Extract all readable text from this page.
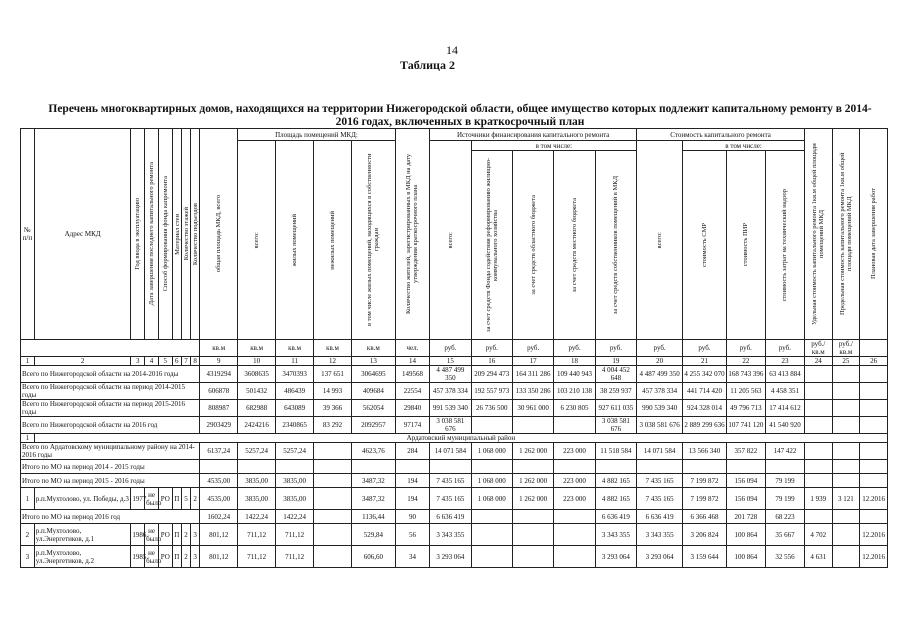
14
Таблица 2
Перечень многоквартирных домов, находящихся на территории Нижегородской области, общее имущество которых подлежит капитальному ремонту в 2014-2016 годах, включенных в краткосрочный план
№ п/п	Адрес МКД	Год ввода в эксплуатацию	Дата завершения последнего капитального ремонта	Способ формирования фонда капремонта	Материал стен	Количество этажей	Количество подъездов	общая площадь МКД, всего	Площадь помещений МКД:				Количество жителей, зарегистрированных в МКД на дату утверждения краткосрочного плана	Источники финансирования капитального ремонта					Стоимость капитального ремонта				Удельная стоимость капитального ремонта 1кв.м общей площади помещений МКД	Предельная стоимость капитального ремонта 1кв.м общей площади помещений МКД	Плановая дата завершения работ

									всего:	жилых помещений	нежилых помещений	в том числе жилых помещений, находящихся в собственности граждан		всего:	в том числе:				всего:	в том числе:					

															за счет средств Фонда содействия реформированию жилищно-коммунального хозяйства	за счет средств областного бюджета	за счет средств местного бюджета	за счет средств собственников помещений в МКД		стоимость СМР	стоимость ПИР	стоимость затрат на технический надзор			

								кв.м	кв.м	кв.м	кв.м	кв.м	чел.	руб.	руб.	руб.	руб.	руб.	руб.	руб.	руб.	руб.	руб./кв.м	руб./кв.м	
1	2	3	4	5	6	7	8	9	10	11	12	13	14	15	16	17	18	19	20	21	22	23	24	25	26
Всего по Нижегородской области на 2014-2016 годы								4319294	3608635	3470393	137 651	3064695	149568	4 487 499 350	209 294 473	164 311 286	109 440 943	4 004 452 648	4 487 499 350	4 255 342 070	168 743 396	63 413 884			
Всего по Нижегородской области на период 2014-2015 годы								606878	501432	486439	14 993	409684	22554	457 378 334	192 557 973	133 350 286	103 210 138	38 259 937	457 378 334	441 714 420	11 205 563	4 458 351			
Всего по Нижегородской области на период 2015-2016 годы								808987	682988	643089	39 366	562054	29840	991 539 340	26 736 500	30 961 000	6 230 805	927 611 035	990 539 340	924 328 014	49 796 713	17 414 612			
Всего по Нижегородской области на 2016 год								2903429	2424216	2340865	83 292	2092957	97174	3 038 581 676				3 038 581 676	3 038 581 676	2 889 299 636	107 741 120	41 540 920			
1	Ардатовский муниципальный район																								
Всего по Ардатовскому муниципальному району на 2014-2016 годы								6137,24	5257,24	5257,24		4623,76	284	14 071 584	1 068 000	1 262 000	223 000	11 518 584	14 071 584	13 566 340	357 822	147 422			
Итого по МО на период 2014 - 2015 годы																									
Итого по МО на период 2015 - 2016 годы								4535,00	3835,00	3835,00		3487,32	194	7 435 165	1 068 000	1 262 000	223 000	4 882 165	7 435 165	7 199 872	156 094	79 199			
1	р.п.Мухтолово, ул. Победы, д.3	1977	не было	РО	П	5	2	4535,00	3835,00	3835,00		3487,32	194	7 435 165	1 068 000	1 262 000	223 000	4 882 165	7 435 165	7 199 872	156 094	79 199	1 939	3 121	12.2016
Итого по МО на период 2016 год								1602,24	1422,24	1422,24		1136,44	90	6 636 419				6 636 419	6 636 419	6 366 468	201 728	68 223			
2	р.п.Мухтолово, ул.Энергетиков, д.1	1986	не было	РО	П	2	3	801,12	711,12	711,12		529,84	56	3 343 355				3 343 355	3 343 355	3 206 824	100 864	35 667	4 702		12.2016
3	р.п.Мухтолово, ул.Энергетиков, д.2	1985	не было	РО	П	2	3	801,12	711,12	711,12		606,60	34	3 293 064				3 293 064	3 293 064	3 159 644	100 864	32 556	4 631		12.2016
